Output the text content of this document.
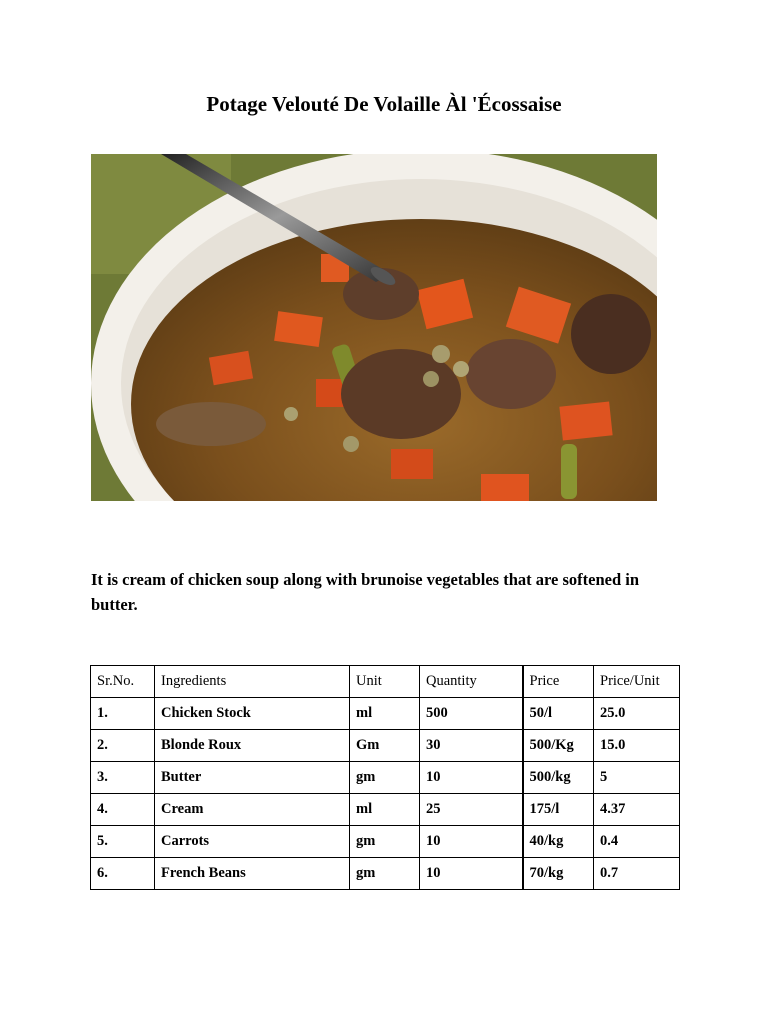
Potage Velouté De Volaille Àl 'Écossaise
It is cream of chicken soup along with brunoise vegetables that are softened in butter.
Sr.No.	Ingredients	Unit	Quantity	Price	Price/Unit
1.	Chicken Stock	ml	500	50/l	25.0
2.	Blonde Roux	Gm	30	500/Kg	15.0
3.	Butter	gm	10	500/kg	5
4.	Cream	ml	25	175/l	4.37
5.	Carrots	gm	10	40/kg	0.4
6.	French Beans	gm	10	70/kg	0.7
